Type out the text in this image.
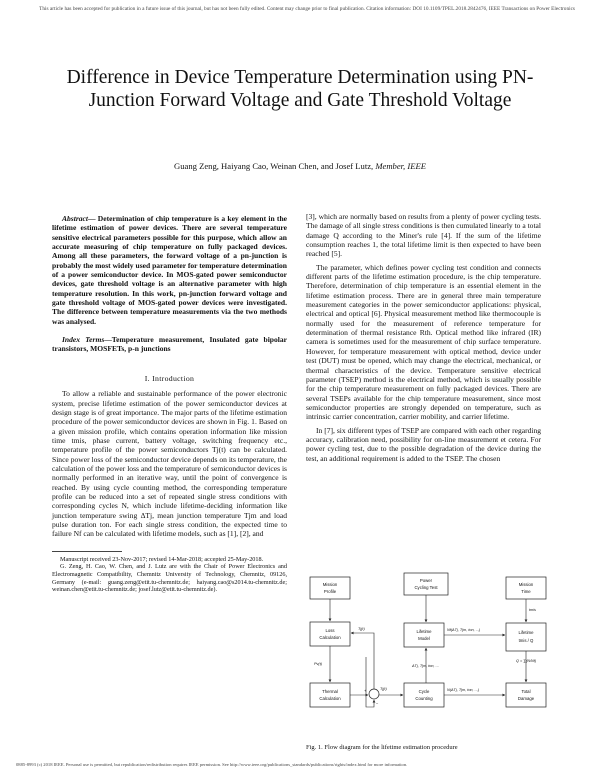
This article has been accepted for publication in a future issue of this journal, but has not been fully edited. Content may change prior to final publication. Citation information: DOI 10.1109/TPEL.2018.2842476, IEEE Transactions on Power Electronics
Difference in Device Temperature Determination using PN-Junction Forward Voltage and Gate Threshold Voltage
Guang Zeng, Haiyang Cao, Weinan Chen, and Josef Lutz, Member, IEEE

Abstract— Determination of chip temperature is a key element in the lifetime estimation of power devices. There are several temperature sensitive electrical parameters possible for this purpose, which allow an accurate measuring of chip temperature on fully packaged devices. Among all these parameters, the forward voltage of a pn-junction is probably the most widely used parameter for temperature determination of a power semiconductor device. In MOS-gated power semiconductor devices, gate threshold voltage is an alternative parameter with high temperature resolution. In this work, pn-junction forward voltage and gate threshold voltage of MOS-gated power devices were investigated. The difference between temperature measurements via the two methods was analysed.

Index Terms—Temperature measurement, Insulated gate bipolar transistors, MOSFETs, p-n junctions

I. Introduction

To allow a reliable and sustainable performance of the power electronic system, precise lifetime estimation of the power semiconductor devices at design stage is of great importance. The major parts of the lifetime estimation procedure of the power semiconductor devices are shown in Fig. 1. Based on a given mission profile, which contains operation information like mission time tmis, phase current, battery voltage, switching frequency etc., temperature profile of the power semiconductors Tj(t) can be calculated. Since power loss of the semiconductor device depends on its temperature, the calculation of the power loss and the temperature of semiconductor devices is normally performed in an iterative way, until the point of convergence is reached. By using cycle counting method, the corresponding temperature profile can be reduced into a set of repeated single stress conditions with corresponding cycles N, which include lifetime-deciding information like junction temperature swing ΔTj, mean junction temperature Tjm and load pulse duration ton. For each single stress condition, the expected time to failure Nf can be calculated with lifetime models, such as [1], [2], and

Manuscript received 23-Nov-2017; revised 14-Mar-2018; accepted 25-May-2018.

G. Zeng, H. Cao, W. Chen, and J. Lutz are with the Chair of Power Electronics and Electromagnetic Compatibility, Chemnitz University of Technology, Chemnitz, 09126, Germany (e-mail: guang.zeng@etit.tu-chemnitz.de; haiyang.cao@s2014.tu-chemnitz.de; weinan.chen@etit.tu-chemnitz.de; josef.lutz@etit.tu-chemnitz.de).

[3], which are normally based on results from a plenty of power cycling tests. The damage of all single stress conditions is then cumulated linearly to a total damage Q according to the Miner's rule [4]. If the sum of the lifetime consumption reaches 1, the total lifetime limit is then expected to have been reached [5].

The parameter, which defines power cycling test condition and connects different parts of the lifetime estimation procedure, is the chip temperature. Therefore, determination of chip temperature is an essential element in the lifetime estimation process. There are in general three main temperature measurement categories in the power semiconductor applications: physical, electrical and optical [6]. Physical measurement method like thermocouple is normally used for the measurement of reference temperature for determination of thermal resistance Rth. Optical method like infrared (IR) camera is sometimes used for the measurement of chip surface temperature. However, for temperature measurement with optical method, device under test (DUT) must be opened, which may change the electrical, mechanical, or thermal characteristics of the device. Temperature sensitive electrical parameter (TSEP) method is the electrical method, which is usually possible for the chip temperature measurement on fully packaged devices. There are several TSEPs available for the chip temperature measurement, since most semiconductor properties are strongly depended on temperature, such as intrinsic carrier concentration, carrier mobility, and carrier lifetime.

In [7], six different types of TSEP are compared with each other regarding accuracy, calibration need, possibility for on-line measurement et cetera. For power cycling test, due to the possible degradation of the device during the test, an additional requirement is added to the TSEP. The chosen

Mission
Profile
Power
Cycling Test
Mission
Time
Loss
Calculation
Lifetime
Model
Lifetime
tmis / Q
Thermal
Calculation
Cycle
Counting
Total
Damage
Tj(t)
Pv(t)
Nf(ΔTj, Tjm, ton, ...)
tmis
Q = ∑(N/Nf)
ΔTj, Tjm, ton, ...
N(ΔTj, Tjm, ton, ...)
Tj(t)
+
−
Fig. 1. Flow diagram for the lifetime estimation procedure
0885-8993 (c) 2018 IEEE. Personal use is permitted, but republication/redistribution requires IEEE permission. See http://www.ieee.org/publications_standards/publications/rights/index.html for more information.
